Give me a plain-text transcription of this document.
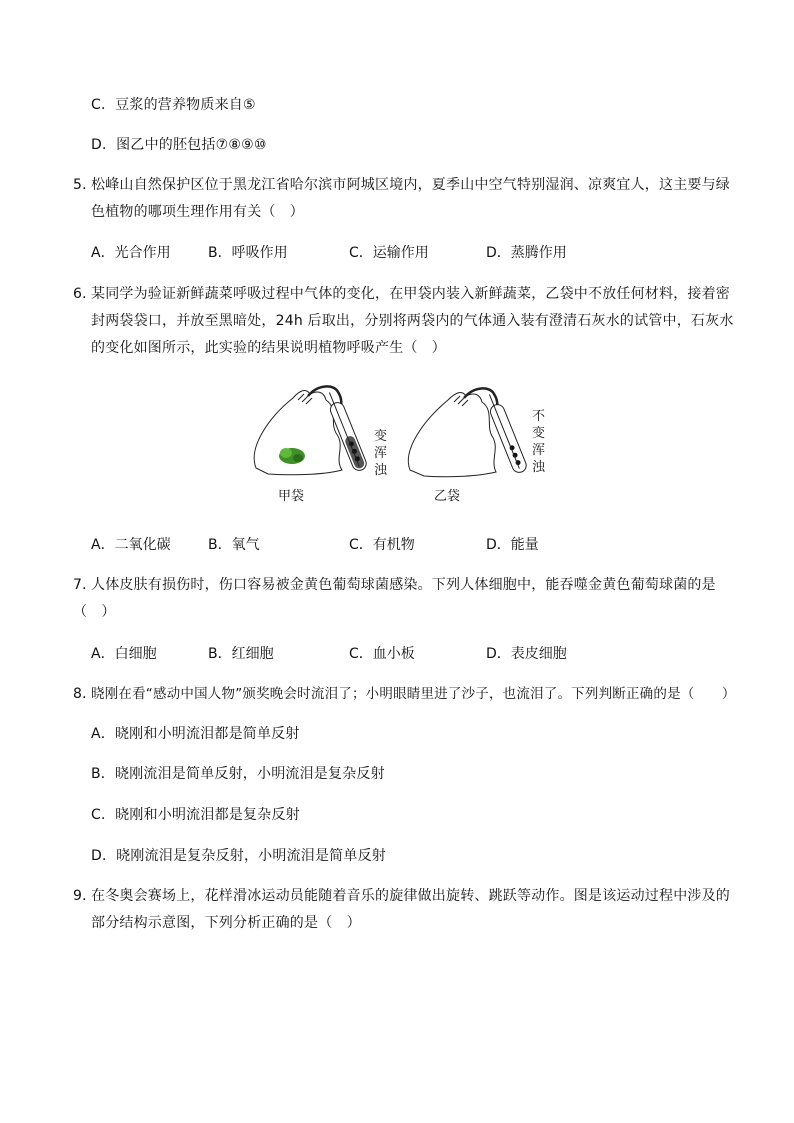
C．豆浆的营养物质来自⑤
D．图乙中的胚包括⑦⑧⑨⑩
5．
松峰山自然保护区位于黑龙江省哈尔滨市阿城区境内，夏季山中空气特别湿润、凉爽宜人，这主要与绿
色植物的哪项生理作用有关（　）
A．光合作用	B．呼吸作用	C．运输作用	D．蒸腾作用
6．
某同学为验证新鲜蔬菜呼吸过程中气体的变化，在甲袋内装入新鲜蔬菜，乙袋中不放任何材料，接着密
封两袋袋口，并放至黑暗处，24h 后取出，分别将两袋内的气体通入装有澄清石灰水的试管中，石灰水
的变化如图所示，此实验的结果说明植物呼吸产生（　）
变
浑
浊
甲袋
不
变
浑
浊
乙袋
A．二氧化碳	B．氧气	C．有机物	D．能量
7．
人体皮肤有损伤时，伤口容易被金黄色葡萄球菌感染。下列人体细胞中，能吞噬金黄色葡萄球菌的是
（　）
A．白细胞	B．红细胞	C．血小板	D．表皮细胞
8．
晓刚在看“感动中国人物”颁奖晚会时流泪了；小明眼睛里进了沙子，也流泪了。下列判断正确的是（　　）
A．晓刚和小明流泪都是简单反射
B．晓刚流泪是简单反射，小明流泪是复杂反射
C．晓刚和小明流泪都是复杂反射
D．晓刚流泪是复杂反射，小明流泪是简单反射
9．
在冬奥会赛场上，花样滑冰运动员能随着音乐的旋律做出旋转、跳跃等动作。图是该运动过程中涉及的
部分结构示意图，下列分析正确的是（　）
